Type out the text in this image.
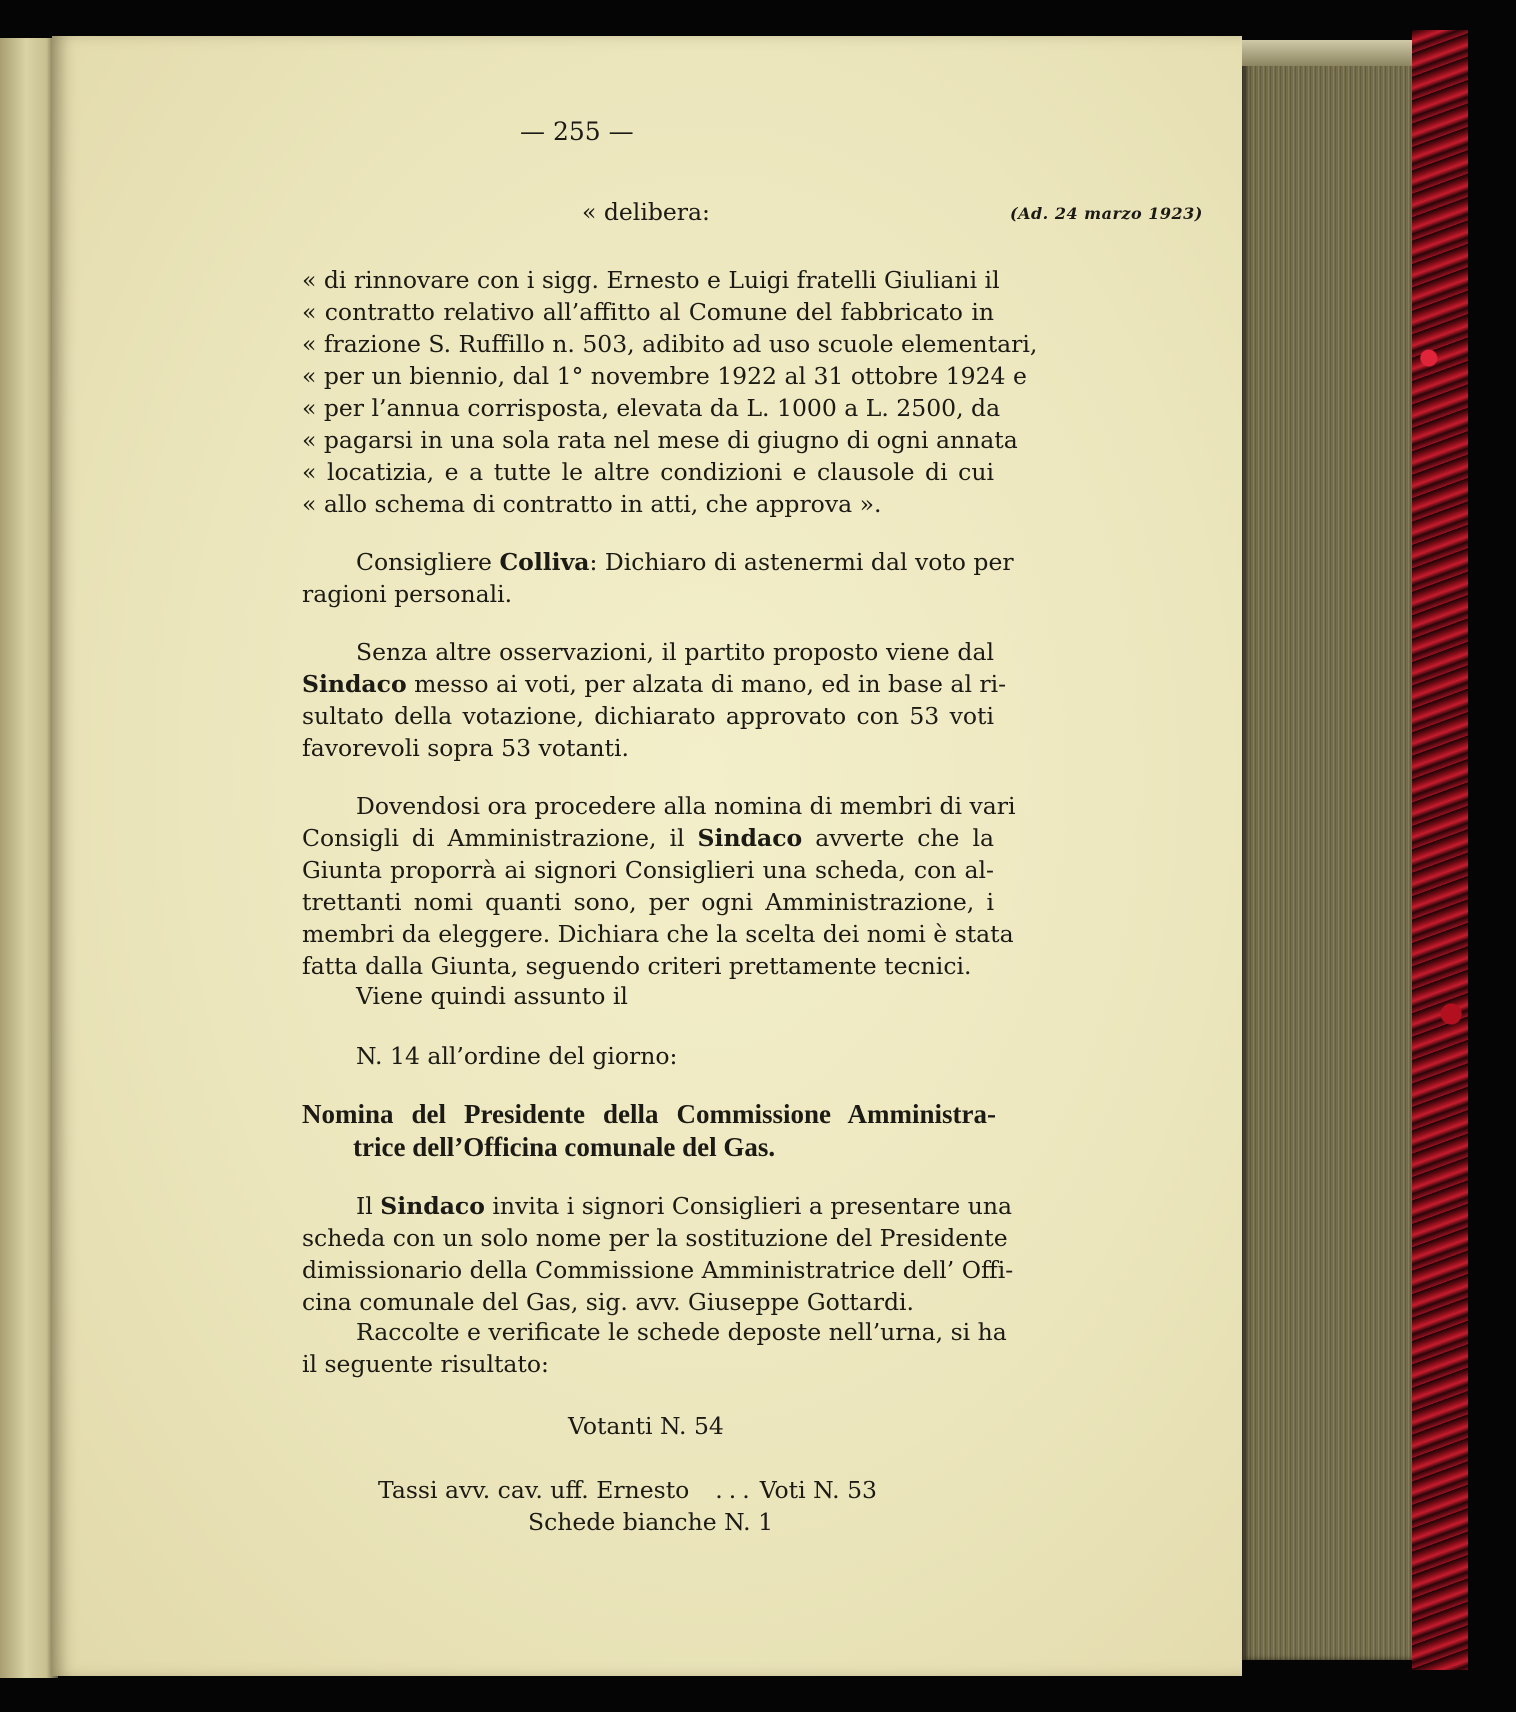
— 255 —
« delibera:	(Ad. 24 marzo 1923)
« di rinnovare con i sigg. Ernesto e Luigi fratelli Giuliani il
« contratto relativo all’affitto al Comune del fabbricato in
« frazione S. Ruffillo n. 503, adibito ad uso scuole elementari,
« per un biennio, dal 1° novembre 1922 al 31 ottobre 1924 e
« per l’annua corrisposta, elevata da L. 1000 a L. 2500, da
« pagarsi in una sola rata nel mese di giugno di ogni annata
« locatizia, e a tutte le altre condizioni e clausole di cui
« allo schema di contratto in atti, che approva ».
Consigliere Colliva: Dichiaro di astenermi dal voto per
ragioni personali.
Senza altre osservazioni, il partito proposto viene dal
Sindaco messo ai voti, per alzata di mano, ed in base al ri-
sultato della votazione, dichiarato approvato con 53 voti
favorevoli sopra 53 votanti.
Dovendosi ora procedere alla nomina di membri di vari
Consigli di Amministrazione, il Sindaco avverte che la
Giunta proporrà ai signori Consiglieri una scheda, con al-
trettanti nomi quanti sono, per ogni Amministrazione, i
membri da eleggere. Dichiara che la scelta dei nomi è stata
fatta dalla Giunta, seguendo criteri prettamente tecnici.
Viene quindi assunto il
N. 14 all’ordine del giorno:
Nomina del Presidente della Commissione Amministra-
trice dell’Officina comunale del Gas.
Il Sindaco invita i signori Consiglieri a presentare una
scheda con un solo nome per la sostituzione del Presidente
dimissionario della Commissione Amministratrice dell’ Offi-
cina comunale del Gas, sig. avv. Giuseppe Gottardi.
Raccolte e verificate le schede deposte nell’urna, si ha
il seguente risultato:
Votanti N. 54
Tassi avv. cav. uff. Ernesto ... Voti N. 53
Schede bianche N. 1
